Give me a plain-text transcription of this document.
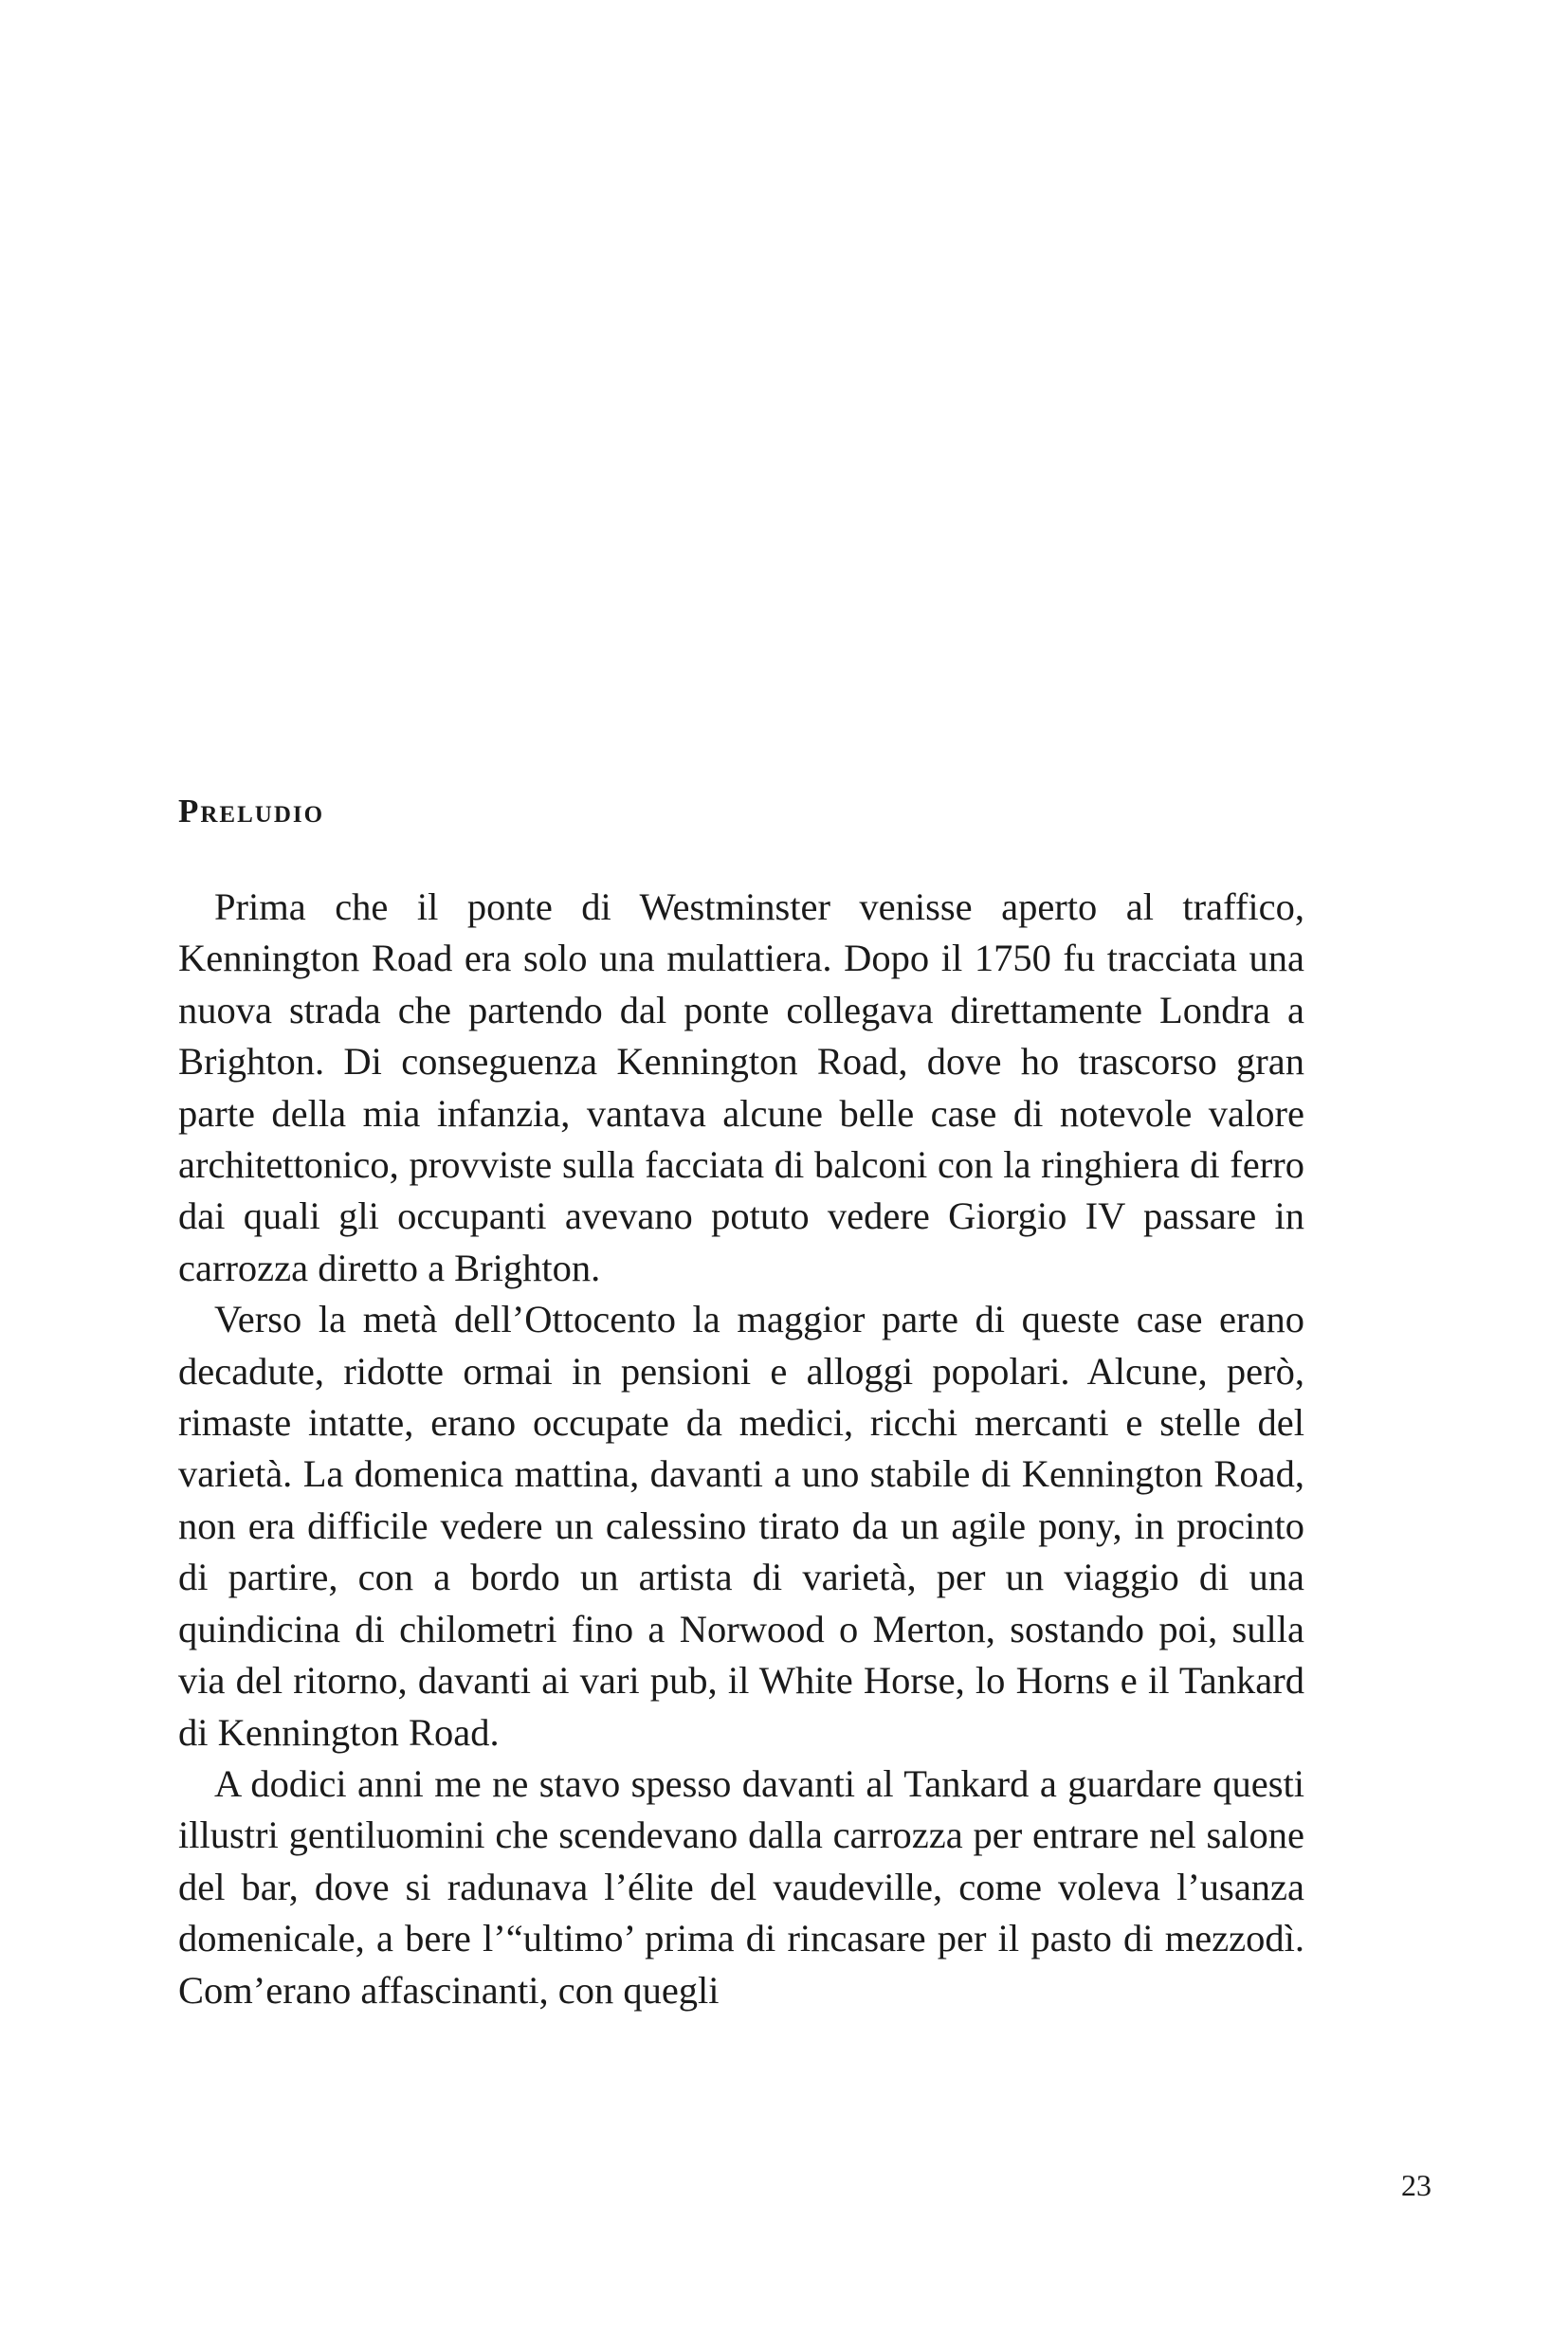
Preludio

Prima che il ponte di Westminster venisse aperto al traffico, Kennington Road era solo una mulattiera. Dopo il 1750 fu tracciata una nuova strada che partendo dal ponte collegava direttamente Londra a Brighton. Di conseguenza Kennington Road, dove ho trascorso gran parte della mia infanzia, vantava alcune belle case di notevole valore architettonico, provviste sulla facciata di balconi con la ringhiera di ferro dai quali gli occupanti avevano potuto vedere Giorgio IV passare in carrozza diretto a Brighton.

Verso la metà dell’Ottocento la maggior parte di queste case erano decadute, ridotte ormai in pensioni e alloggi popolari. Alcune, però, rimaste intatte, erano occupate da medici, ricchi mercanti e stelle del varietà. La domenica mattina, davanti a uno stabile di Kennington Road, non era difficile vedere un calessino tirato da un agile pony, in procinto di partire, con a bordo un artista di varietà, per un viaggio di una quindicina di chilometri fino a Norwood o Merton, sostando poi, sulla via del ritorno, davanti ai vari pub, il White Horse, lo Horns e il Tankard di Kennington Road.

A dodici anni me ne stavo spesso davanti al Tankard a guardare questi illustri gentiluomini che scendevano dalla carrozza per entrare nel salone del bar, dove si radunava l’élite del vaudeville, come voleva l’usanza domenicale, a bere l’“ultimo’ prima di rincasare per il pasto di mezzodì. Com’erano affascinanti, con quegli

23
